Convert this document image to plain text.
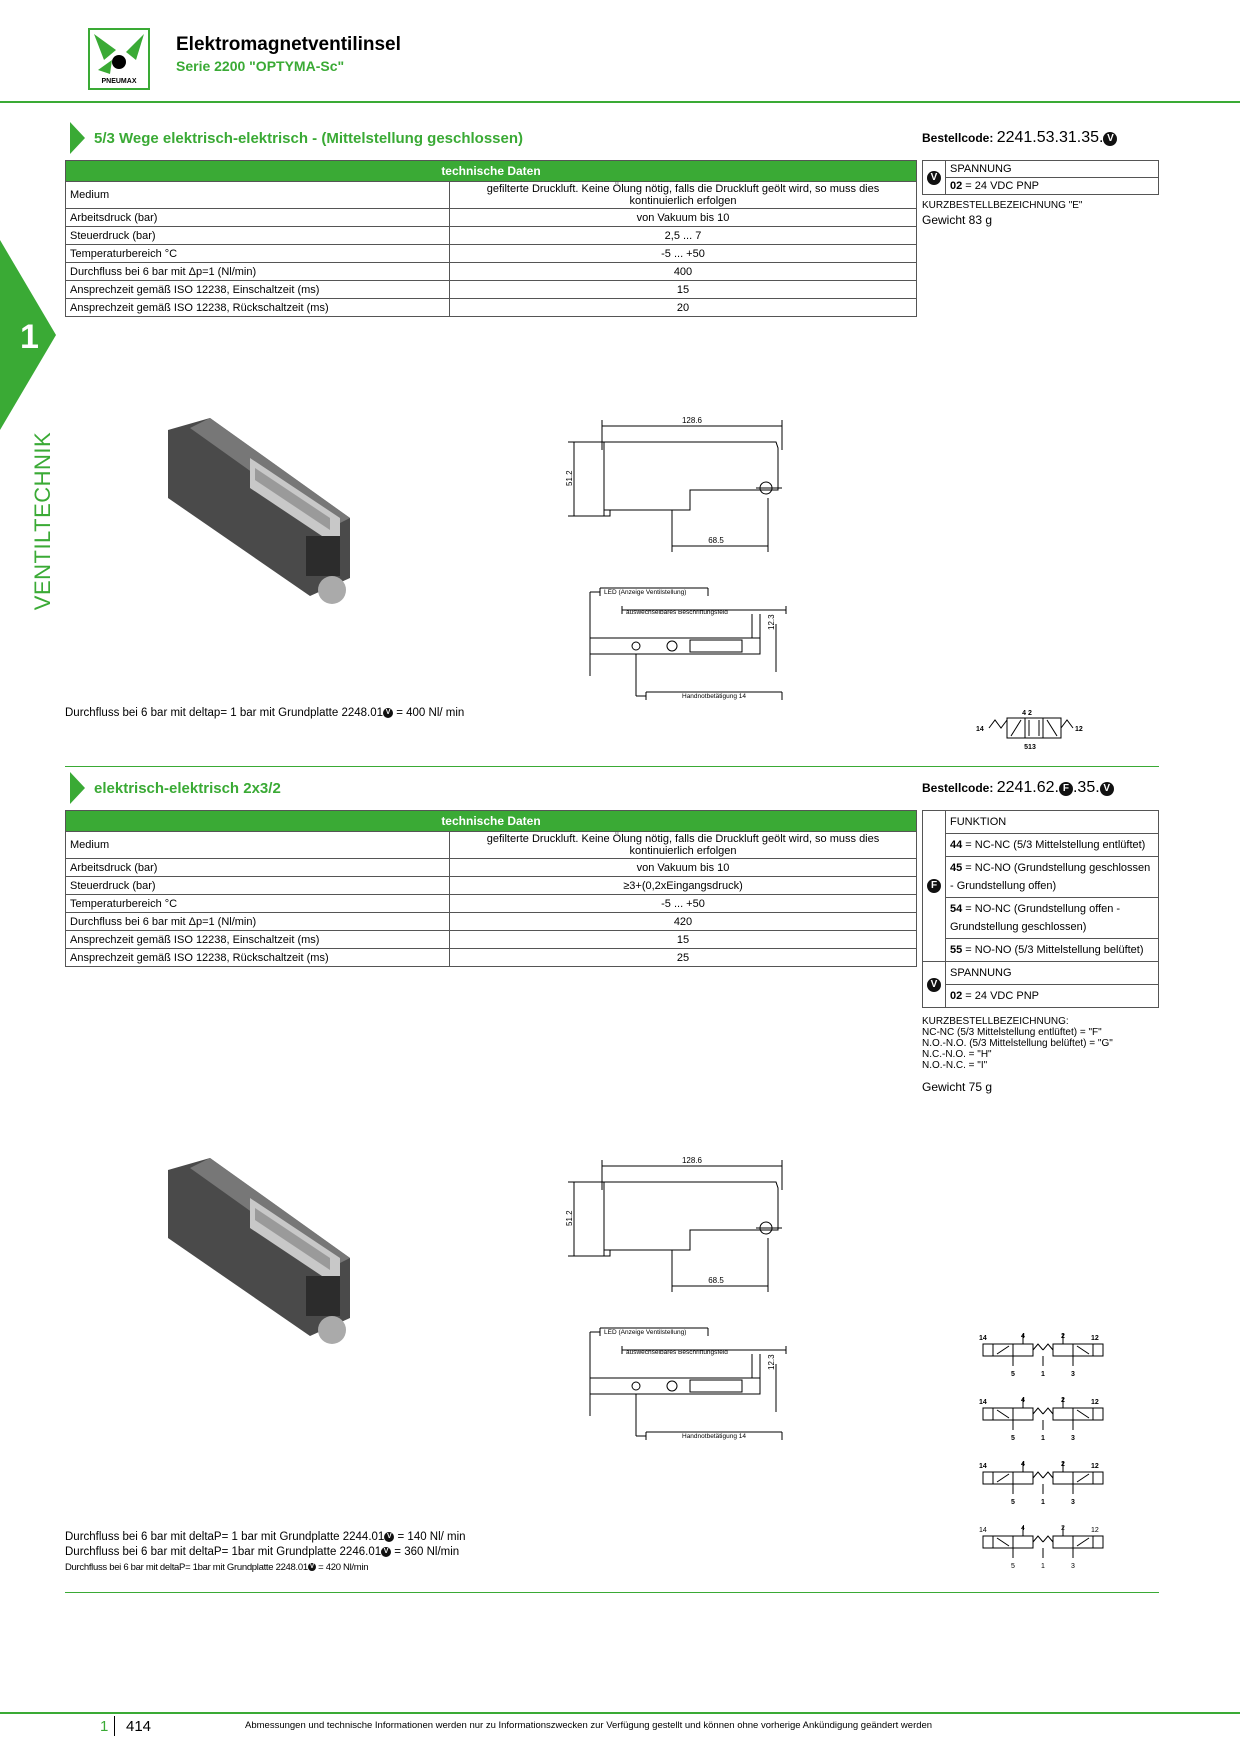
PNEUMAX
Elektromagnetventilinsel
Serie 2200 "OPTYMA-Sc"
1
VENTILTECHNIK
5/3 Wege elektrisch-elektrisch - (Mittelstellung geschlossen)	Bestellcode: 2241.53.31.35. V
technische Daten	
Medium	gefilterte Druckluft. Keine Ölung nötig, falls die Druckluft geölt wird, so muss dies kontinuierlich erfolgen
Arbeitsdruck (bar)	von Vakuum bis 10
Steuerdruck (bar)	2,5 ... 7
Temperaturbereich °C	-5 ... +50
Durchfluss bei 6 bar mit Δp=1 (Nl/min)	400
Ansprechzeit gemäß ISO 12238, Einschaltzeit (ms)	15
Ansprechzeit gemäß ISO 12238, Rückschaltzeit (ms)	20
V	SPANNUNG
02 = 24 VDC PNP
KURZBESTELLBEZEICHNUNG "E"
Gewicht 83 g
128.6
51.2
68.5
12.3
LED (Anzeige Ventilstellung)
auswechselbares Beschriftungsfeld
Handnotbetätigung 14
Durchfluss bei 6 bar mit deltap= 1 bar mit Grundplatte 2248.01 V = 400 Nl/ min	4 2
513
14	12
elektrisch-elektrisch 2x3/2	Bestellcode: 2241.62. F .35. V
technische Daten	
Medium	gefilterte Druckluft. Keine Ölung nötig, falls die Druckluft geölt wird, so muss dies kontinuierlich erfolgen
Arbeitsdruck (bar)	von Vakuum bis 10
Steuerdruck (bar)	≥3+(0,2xEingangsdruck)
Temperaturbereich °C	-5 ... +50
Durchfluss bei 6 bar mit Δp=1 (Nl/min)	420
Ansprechzeit gemäß ISO 12238, Einschaltzeit (ms)	15
Ansprechzeit gemäß ISO 12238, Rückschaltzeit (ms)	25
F	FUNKTION
	44 = NC-NC (5/3 Mittelstellung entlüftet)
	45 = NC-NO (Grundstellung geschlossen - Grundstellung offen)
	54 = NO-NC (Grundstellung offen - Grundstellung geschlossen)
	55 = NO-NO (5/3 Mittelstellung belüftet)
V	SPANNUNG
	02 = 24 VDC PNP
KURZBESTELLBEZEICHNUNG:
NC-NC (5/3 Mittelstellung entlüftet) = "F"
N.O.-N.O. (5/3 Mittelstellung belüftet) = "G"
N.C.-N.O. = "H"
N.O.-N.C. = "I"
Gewicht 75 g
128.6
51.2
68.5
12.3
LED (Anzeige Ventilstellung)
auswechselbares Beschriftungsfeld
Handnotbetätigung 14
14	12
4	2
5	1	3
14	12
4	2
5	1	3
14	12
4	2
5	1	3
14	12
4	2
5	1	3
Durchfluss bei 6 bar mit deltaP= 1 bar mit Grundplatte 2244.01 V = 140 Nl/ min
Durchfluss bei 6 bar mit deltaP= 1bar mit Grundplatte 2246.01 V = 360 Nl/min
Durchfluss bei 6 bar mit deltaP= 1bar mit Grundplatte 2248.01 V = 420 Nl/min
1 414	Abmessungen und technische Informationen werden nur zu Informationszwecken zur Verfügung gestellt und können ohne vorherige Ankündigung geändert werden
